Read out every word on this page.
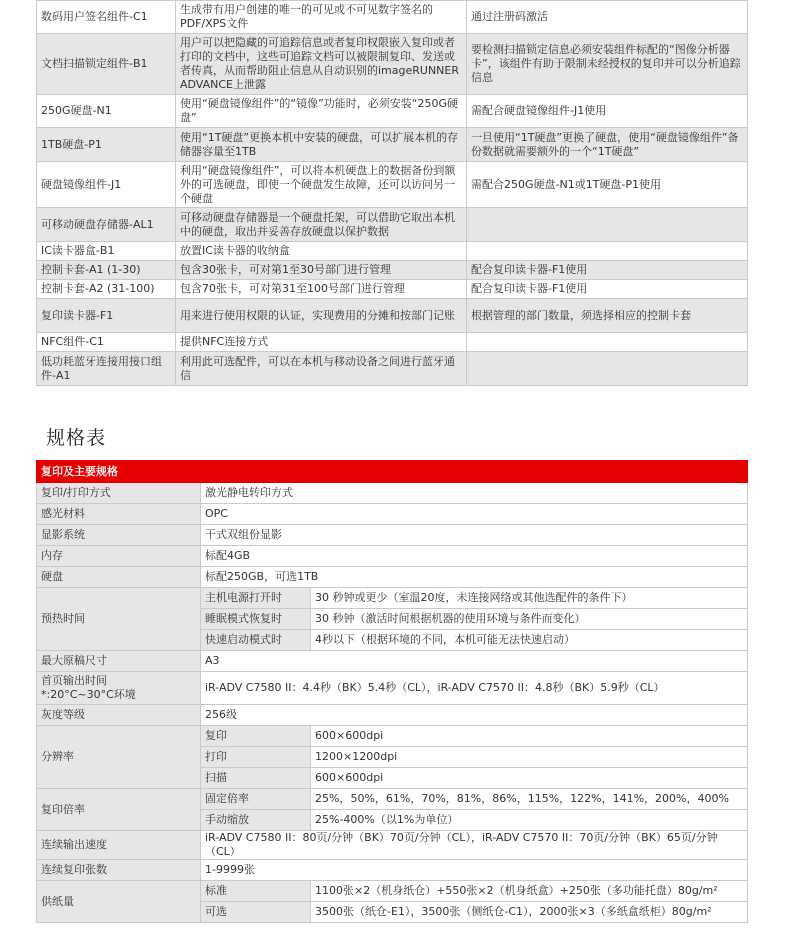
数码用户签名组件-C1	生成带有用户创建的唯一的可见或不可见数字签名的PDF/XPS文件	通过注册码激活
文档扫描锁定组件-B1	用户可以把隐藏的可追踪信息或者复印权限嵌入复印或者打印的文档中，这些可追踪文档可以被限制复印、发送或者传真，从而帮助阻止信息从自动识别的imageRUNNER ADVANCE上泄露	要检测扫描锁定信息必须安装组件标配的“图像分析器卡”，该组件有助于限制未经授权的复印并可以分析追踪信息
250G硬盘-N1	使用“硬盘镜像组件”的“镜像”功能时，必须安装“250G硬盘”	需配合硬盘镜像组件-J1使用
1TB硬盘-P1	使用“1T硬盘”更换本机中安装的硬盘，可以扩展本机的存储器容量至1TB	一旦使用“1T硬盘”更换了硬盘，使用“硬盘镜像组件”备份数据就需要额外的一个“1T硬盘”
硬盘镜像组件-J1	利用“硬盘镜像组件”，可以将本机硬盘上的数据备份到额外的可选硬盘，即使一个硬盘发生故障，还可以访问另一个硬盘	需配合250G硬盘-N1或1T硬盘-P1使用
可移动硬盘存储器-AL1	可移动硬盘存储器是一个硬盘托架，可以借助它取出本机中的硬盘，取出并妥善存放硬盘以保护数据	
IC读卡器盒-B1	放置IC读卡器的收纳盒	
控制卡套-A1 (1-30)	包含30张卡，可对第1至30号部门进行管理	配合复印读卡器-F1使用
控制卡套-A2 (31-100)	包含70张卡，可对第31至100号部门进行管理	配合复印读卡器-F1使用
复印读卡器-F1	用来进行使用权限的认证，实现费用的分摊和按部门记账	根据管理的部门数量，须选择相应的控制卡套
NFC组件-C1	提供NFC连接方式	
低功耗蓝牙连接用接口组件-A1	利用此可选配件，可以在本机与移动设备之间进行蓝牙通信	
规格表
复印及主要规格		
复印/打印方式	激光静电转印方式	
感光材料	OPC	
显影系统	干式双组份显影	
内存	标配4GB	
硬盘	标配250GB，可选1TB	
预热时间	主机电源打开时	30 秒钟或更少（室温20度，未连接网络或其他选配件的条件下）
	睡眠模式恢复时	30 秒钟（激活时间根据机器的使用环境与条件而变化）
	快速启动模式时	4秒以下（根据环境的不同，本机可能无法快速启动）
最大原稿尺寸	A3	

首页输出时间
*:20°C~30°C环境	iR-ADV C7580 II：4.4秒（BK）5.4秒（CL），iR-ADV C7570 II：4.8秒（BK）5.9秒（CL）	
灰度等级	256级	
分辨率	复印	600×600dpi
	打印	1200×1200dpi
	扫描	600×600dpi
复印倍率	固定倍率	25%，50%，61%，70%，81%，86%，115%，122%，141%，200%，400%
	手动缩放	25%-400%（以1%为单位）
连续输出速度	iR-ADV C7580 II：80页/分钟（BK）70页/分钟（CL），iR-ADV C7570 II：70页/分钟（BK）65页/分钟（CL）	
连续复印张数	1-9999张	
供纸量	标准	1100张×2（机身纸仓）+550张×2（机身纸盒）+250张（多功能托盘）80g/m²
	可选	3500张（纸仓-E1），3500张（侧纸仓-C1），2000张×3（多纸盒纸柜）80g/m²
